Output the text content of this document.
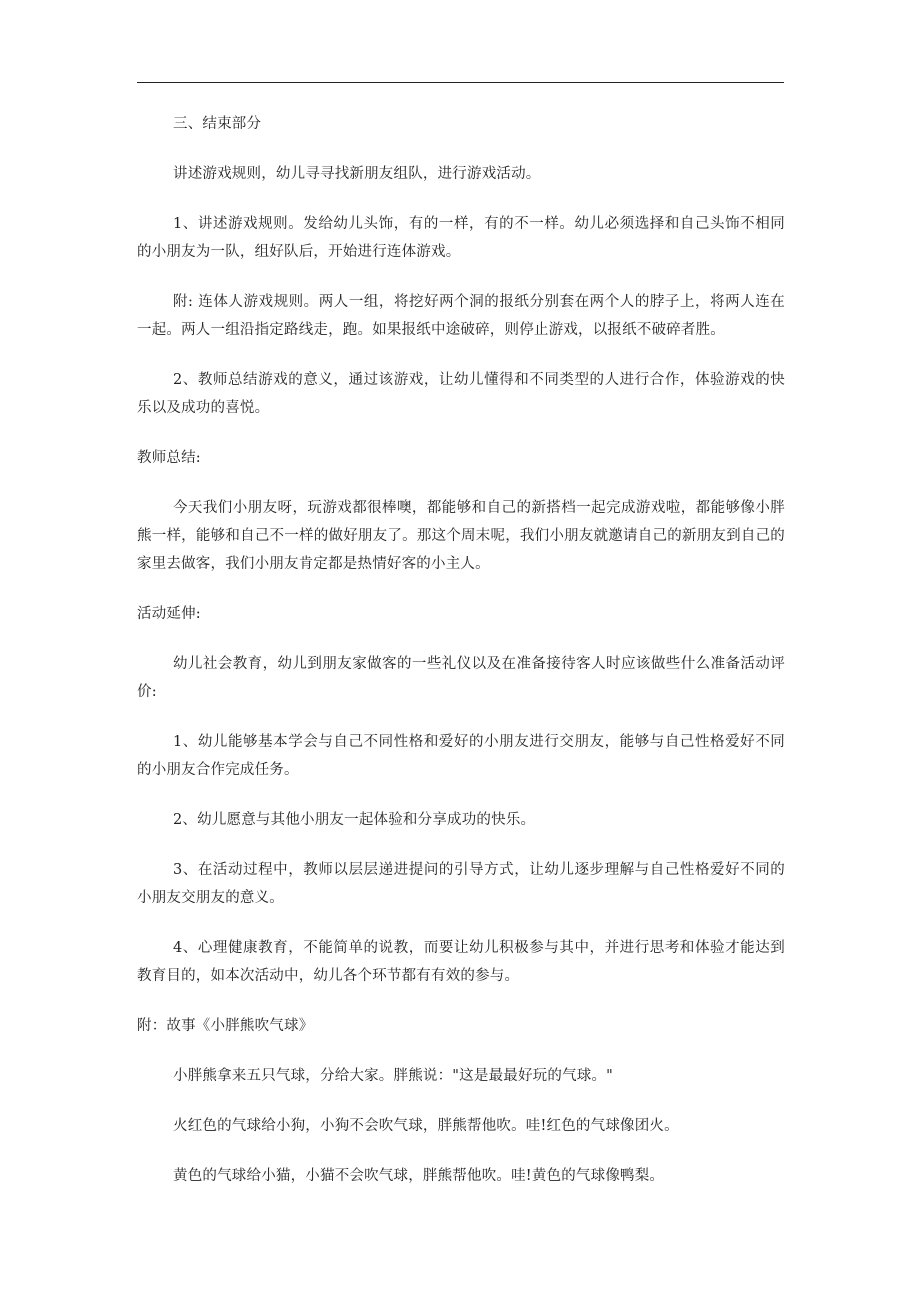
三、结束部分

讲述游戏规则，幼儿寻寻找新朋友组队，进行游戏活动。

1、讲述游戏规则。发给幼儿头饰，有的一样，有的不一样。幼儿必须选择和自己头饰不相同的小朋友为一队，组好队后，开始进行连体游戏。

附: 连体人游戏规则。两人一组，将挖好两个洞的报纸分别套在两个人的脖子上，将两人连在一起。两人一组沿指定路线走，跑。如果报纸中途破碎，则停止游戏，以报纸不破碎者胜。

2、教师总结游戏的意义，通过该游戏，让幼儿懂得和不同类型的人进行合作，体验游戏的快乐以及成功的喜悦。

教师总结:

今天我们小朋友呀，玩游戏都很棒噢，都能够和自己的新搭档一起完成游戏啦，都能够像小胖熊一样，能够和自己不一样的做好朋友了。那这个周末呢，我们小朋友就邀请自己的新朋友到自己的家里去做客，我们小朋友肯定都是热情好客的小主人。

活动延伸:

幼儿社会教育，幼儿到朋友家做客的一些礼仪以及在准备接待客人时应该做些什么准备活动评价:

1、幼儿能够基本学会与自己不同性格和爱好的小朋友进行交朋友，能够与自己性格爱好不同的小朋友合作完成任务。

2、幼儿愿意与其他小朋友一起体验和分享成功的快乐。

3、在活动过程中，教师以层层递进提问的引导方式，让幼儿逐步理解与自己性格爱好不同的小朋友交朋友的意义。

4、心理健康教育，不能简单的说教，而要让幼儿积极参与其中，并进行思考和体验才能达到教育目的，如本次活动中，幼儿各个环节都有有效的参与。

附：故事《小胖熊吹气球》

小胖熊拿来五只气球，分给大家。胖熊说："这是最最好玩的气球。"

火红色的气球给小狗，小狗不会吹气球，胖熊帮他吹。哇!红色的气球像团火。

黄色的气球给小猫，小猫不会吹气球，胖熊帮他吹。哇!黄色的气球像鸭梨。
